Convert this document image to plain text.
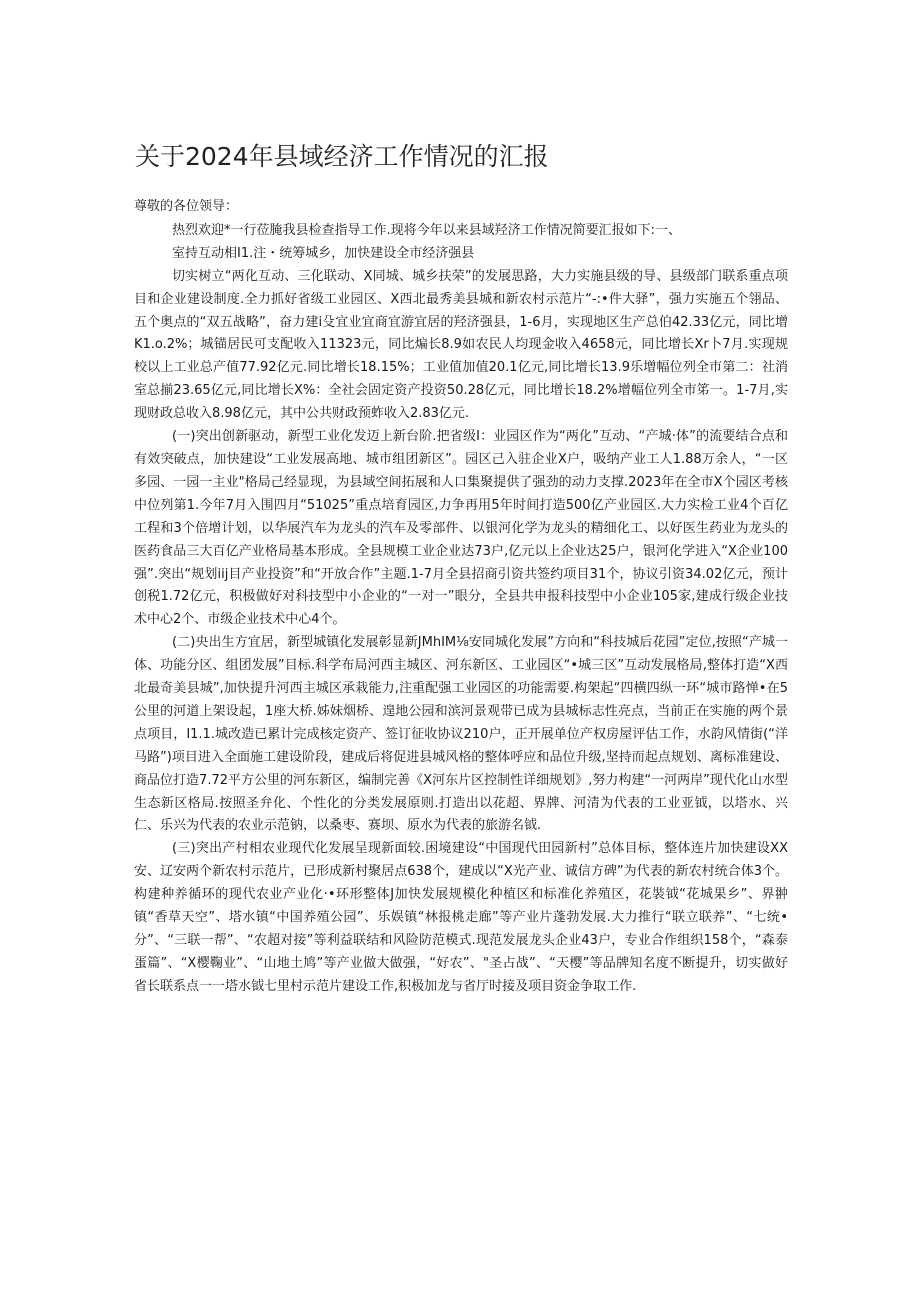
关于2024年县域经济工作情况的汇报

尊敬的各位领导：

热烈欢迎*一行莅腌我县检查指导工作.现将今年以来县域羟济工作情况简要汇报如下:一、

室持互动相I1.注・统筹城乡，加快建设全市经济强县

切实树立“两化互动、三化联动、X同城、城乡扶荣”的发展思路，大力实施县级的导、县级部门联系重点项目和企业建设制度.全力抓好省级工业园区、X西北最秀美县城和新农村示范片“-:•件大驿”，强力实施五个翎品、五个奥点的“双五战略”，奋力建i殳宜业宜商宜游宜居的羟济强县，1-6月，实现地区生产总伯42.33亿元，同比增K1.o.2%；城锚居民可支配收入11323元，同比煸长8.9如农民人均现金收入4658元，同比增长Xr卜7月.实现规校以上工业总产值77.92亿元.同比增长18.15%；工业值加值20.1亿元,同比增长13.9乐增幅位列全市第二：社消室总揃23.65亿元,同比增长X%：全社会固定资产投资50.28亿元，同比增长18.2%增幅位列全市笫一。1-7月,实现财政总收入8.98亿元，其中公共财政预蚱收入2.83亿元.

(一)突出创新驱动，新型工业化发迈上新台阶.把省级I：业园区作为“两化”互动、“产城·体”的流要结合点和有效突破点，加快建设“工业发展高地、城市组团新区”。园区己入驻企业X户，吸纳产业工人1.88万余人，“一区多园、一园一主业"格局己经显现，为县域空间拓展和人口集聚提供了强劲的动力支撑.2023年在全市X个园区考核中位列第1.今年7月入围四月“51025”重点培育园区,力争再用5年时间打造500亿产业园区.大力实检工业4个百亿工程和3个倍增计划，以华展汽车为龙头的汽车及零部件、以银河化学为龙头的精细化工、以好医生药业为龙头的医药食品三大百亿产业格局基本形成。全县规模工业企业达73户,亿元以上企业达25户，银河化学进入“X企业100强”.突出“规划iij目产业投资”和“开放合作”主题.1-7月全县招商引资共签约项目31个，协议引资34.02亿元，预计创税1.72亿元，积极做好对科技型中小企业的“一对一”眼分，全县共申报科技型中小企业105家,建成行级企业技术中心2个、市级企业技术中心4个。

(二)央出生方宜居，新型城镇化发展彰显新JMhIM⅛安同城化发展”方向和“科技城后花园”定位,按照“产城一体、功能分区、组团发展”目标.科学布局河西主城区、河东新区、工业园区“•城三区”互动发展格局,整体打造“X西北最奇美县城”,加快提升河西主城区承栽能力,注重配强工业园区的功能需要.构架起“四横四纵一环“城市路惮•在5公里的河道上架设起，1座大桥.姊妹烟桥、遑地公园和滨河景观带已成为县城标志性亮点，当前正在实施的两个景点项目，I1.1.城改造已累计完成核定资产、签订征收协议210户，正开展单位产权房屋评估工作，水韵风情街(“洋马路”)项目进入全面施工建设阶段，建成后将促进县城风格的整体呼应和品位升级,坚持而起点规划、离标准建设、商品位打造7.72平方公里的河东新区，编制完善《X河东片区控制性详细规划》,努力构建“一河两岸”现代化山水型生态新区格局.按照圣弁化、个性化的分类发展原则.打造出以花超、界牌、河清为代表的工业亚钺，以塔水、兴仁、乐兴为代表的农业示范钠，以桑枣、赛坝、原水为代表的旅游名钺.

(三)突出产村相农业现代化发展呈现新面较.困境建设“中国现代田园新村”总体目标，整体连片加快建设XX安、辽安两个新农村示范片，已形成新村聚居点638个，建成以“X光产业、诚信方碑”为代表的新农村统合体3个。构建种养循环的现代农业产业化·•环形整体J加快发展规模化种植区和标准化养殖区，花裝钺“花城果乡”、界翀镇“香草天空”、塔水镇“中国养殖公园”、乐娱镇“林报桃走廊”等产业片蓬勃发展.大力推行“联立联养”、“七统•分”、“三联一帮”、“农超对接”等利益联结和风险防范模式.现范发展龙头企业43户，专业合作组织158个，“森泰蛋篇”、“X樱鞠业”、“山地土鸠”等产业做大做强，“好农”、"圣占战”、“天樱”等品牌知名度不断提升，切实做好省长联系点一一塔水钺七里村示范片建设工作,积极加龙与省厅时接及项目资金争取工作.
